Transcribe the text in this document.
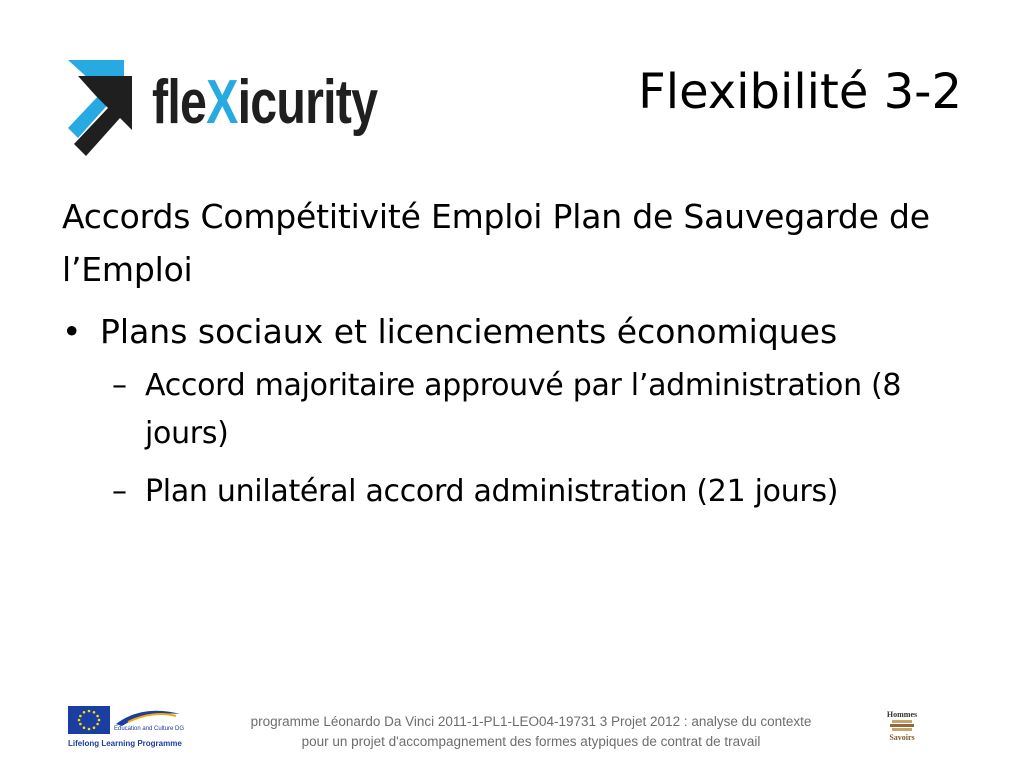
fleXicurity	Flexibilité 3-2

Accords Compétitivité Emploi Plan de Sauvegarde de l’Emploi

• Plans sociaux et licenciements économiques
– Accord majoritaire approuvé par l’administration (8 jours)
– Plan unilatéral accord administration (21 jours)
Education and Culture DG
Lifelong Learning Programme
programme Léonardo Da Vinci 2011-1-PL1-LEO04-19731 3 Projet 2012 : analyse du contexte
pour un projet d'accompagnement des formes atypiques de contrat de travail
Hommes
Savoirs
